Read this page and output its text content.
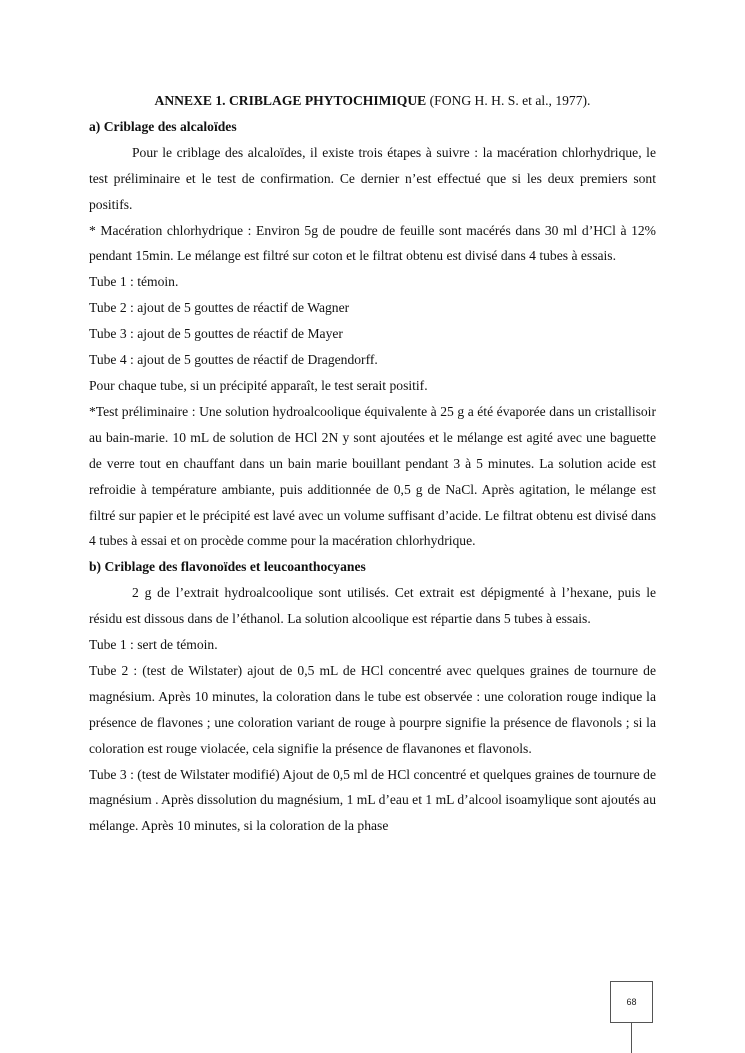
ANNEXE 1. CRIBLAGE PHYTOCHIMIQUE (FONG H. H. S. et al., 1977).

a) Criblage des alcaloïdes

Pour le criblage des alcaloïdes, il existe trois étapes à suivre : la macération chlorhydrique, le test préliminaire et le test de confirmation. Ce dernier n’est effectué que si les deux premiers sont positifs.

* Macération chlorhydrique : Environ 5g de poudre de feuille sont macérés dans 30 ml d’HCl à 12% pendant 15min. Le mélange est filtré sur coton et le filtrat obtenu est divisé dans 4 tubes à essais.

Tube 1 : témoin.

Tube 2 : ajout de 5 gouttes de réactif de Wagner

Tube 3 : ajout de 5 gouttes de réactif de Mayer

Tube 4 : ajout de 5 gouttes de réactif de Dragendorff.

Pour chaque tube, si un précipité apparaît, le test serait positif.

*Test préliminaire : Une solution hydroalcoolique équivalente à 25 g a été évaporée dans un cristallisoir au bain-marie. 10 mL de solution de HCl 2N y sont ajoutées et le mélange est agité avec une baguette de verre tout en chauffant dans un bain marie bouillant pendant 3 à 5 minutes. La solution acide est refroidie à température ambiante, puis additionnée de 0,5 g de NaCl. Après agitation, le mélange est filtré sur papier et le précipité est lavé avec un volume suffisant d’acide. Le filtrat obtenu est divisé dans 4 tubes à essai et on procède comme pour la macération chlorhydrique.

b) Criblage des flavonoïdes et leucoanthocyanes

2 g de l’extrait hydroalcoolique sont utilisés. Cet extrait est dépigmenté à l’hexane, puis le résidu est dissous dans de l’éthanol. La solution alcoolique est répartie dans 5 tubes à essais.

Tube 1 : sert de témoin.

Tube 2 : (test de Wilstater) ajout de 0,5 mL de HCl concentré avec quelques graines de tournure de magnésium. Après 10 minutes, la coloration dans le tube est observée : une coloration rouge indique la présence de flavones ; une coloration variant de rouge à pourpre signifie la présence de flavonols ; si la coloration est rouge violacée, cela signifie la présence de flavanones et flavonols.

Tube 3 : (test de Wilstater modifié) Ajout de 0,5 ml de HCl concentré et quelques graines de tournure de magnésium . Après dissolution du magnésium, 1 mL d’eau et 1 mL d’alcool isoamylique sont ajoutés au mélange. Après 10 minutes, si la coloration de la phase

68
